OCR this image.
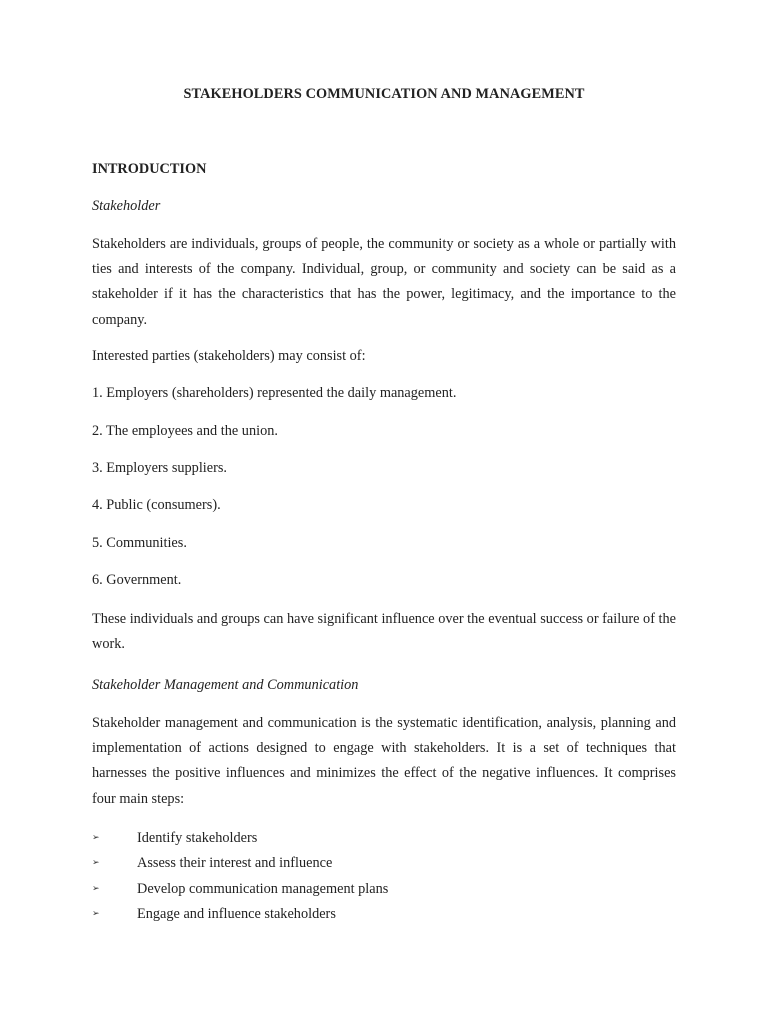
STAKEHOLDERS COMMUNICATION AND MANAGEMENT
INTRODUCTION
Stakeholder
Stakeholders are individuals, groups of people, the community or society as a whole or partially with ties and interests of the company. Individual, group, or community and society can be said as a stakeholder if it has the characteristics that has the power, legitimacy, and the importance to the company.
Interested parties (stakeholders) may consist of:
1. Employers (shareholders) represented the daily management.
2. The employees and the union.
3. Employers suppliers.
4. Public (consumers).
5. Communities.
6. Government.
These individuals and groups can have significant influence over the eventual success or failure of the work.
Stakeholder Management and Communication
Stakeholder management and communication is the systematic identification, analysis, planning and implementation of actions designed to engage with stakeholders. It is a set of techniques that harnesses the positive influences and minimizes the effect of the negative influences. It comprises four main steps:
➢	Identify stakeholders
➢	Assess their interest and influence
➢	Develop communication management plans
➢	Engage and influence stakeholders
